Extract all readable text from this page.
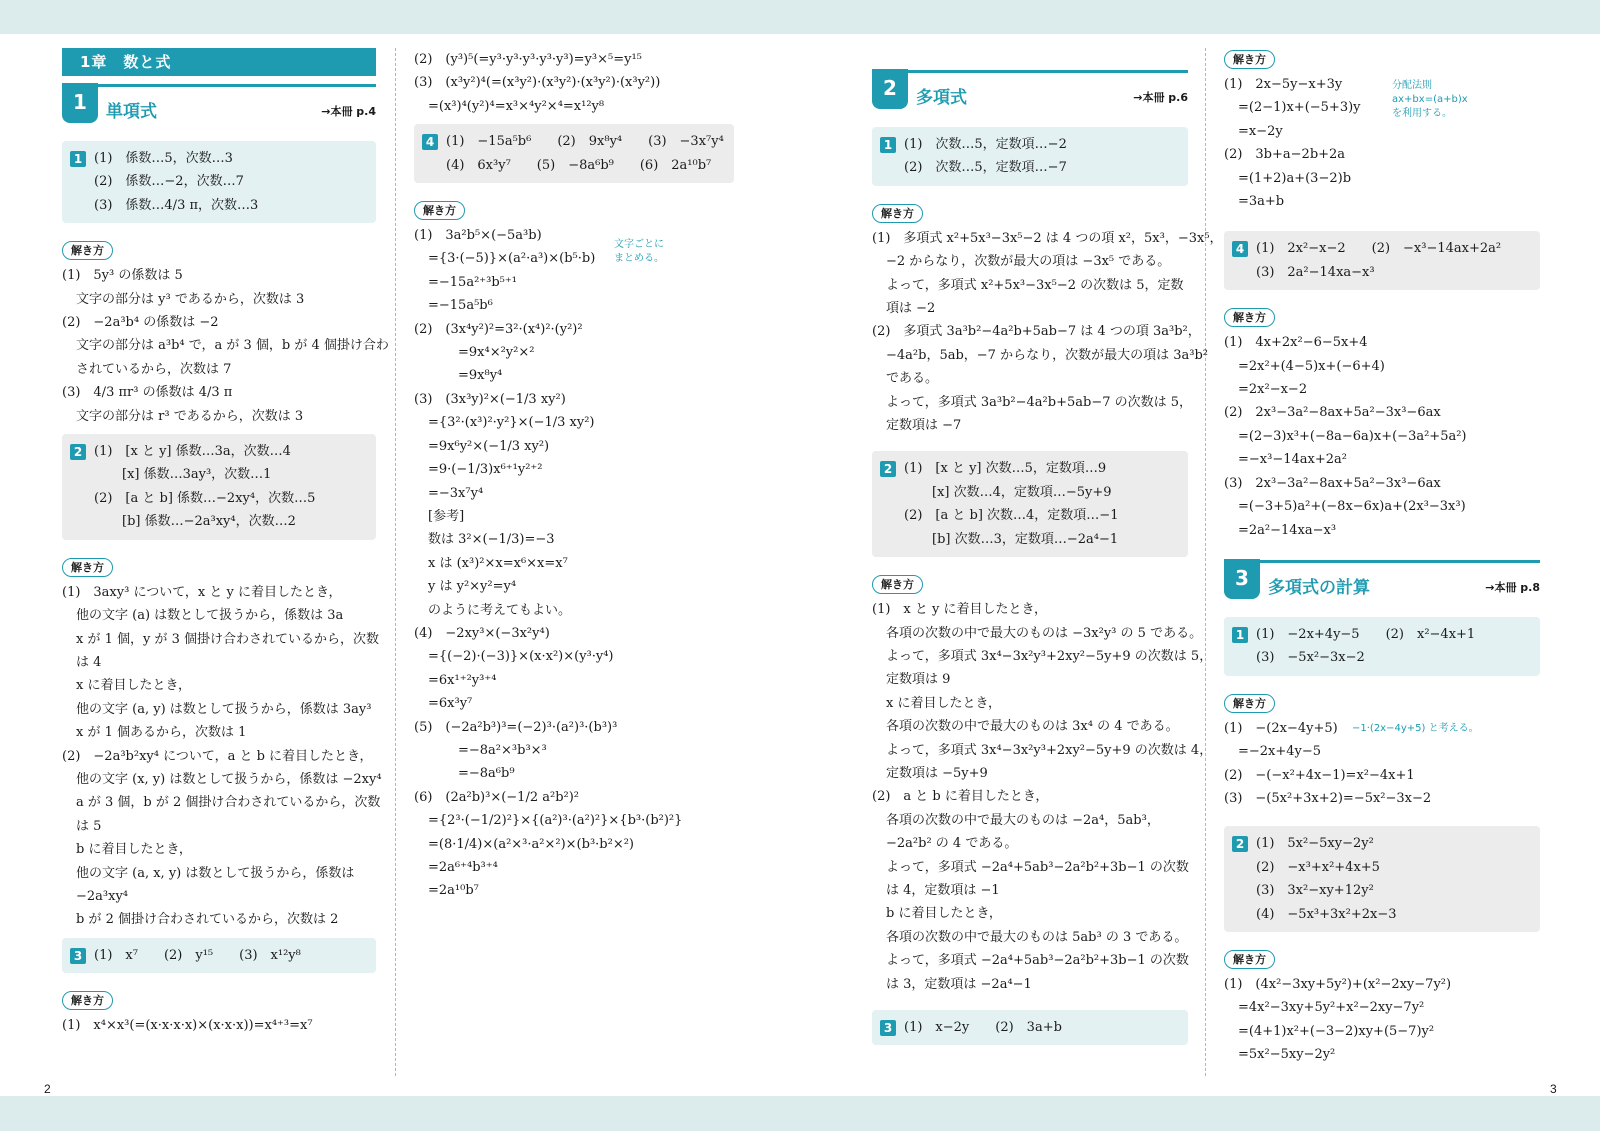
2	3
1章　数と式
1	単項式	→本冊 p.4
1 (1)　係数…5，次数…3
(2)　係数…−2，次数…7
(3)　係数…4/3 π，次数…3
解き方
(1)　5y³ の係数は 5
文字の部分は y³ であるから，次数は 3
(2)　−2a³b⁴ の係数は −2
文字の部分は a³b⁴ で，a が 3 個，b が 4 個掛け合わ
されているから，次数は 7
(3)　4/3 πr³ の係数は 4/3 π
文字の部分は r³ であるから，次数は 3
2 (1)　[x と y] 係数…3a，次数…4
[x] 係数…3ay³，次数…1
(2)　[a と b] 係数…−2xy⁴，次数…5
[b] 係数…−2a³xy⁴，次数…2
解き方
(1)　3axy³ について，x と y に着目したとき，
他の文字 (a) は数として扱うから，係数は 3a
x が 1 個，y が 3 個掛け合わされているから，次数
は 4
x に着目したとき，
他の文字 (a, y) は数として扱うから，係数は 3ay³
x が 1 個あるから，次数は 1
(2)　−2a³b²xy⁴ について，a と b に着目したとき，
他の文字 (x, y) は数として扱うから，係数は −2xy⁴
a が 3 個，b が 2 個掛け合わされているから，次数
は 5
b に着目したとき，
他の文字 (a, x, y) は数として扱うから，係数は
−2a³xy⁴
b が 2 個掛け合わされているから，次数は 2
3 (1)　x⁷　　(2)　y¹⁵　　(3)　x¹²y⁸
解き方
(1)　x⁴×x³(=(x·x·x·x)×(x·x·x))=x⁴⁺³=x⁷
(2)　(y³)⁵(=y³·y³·y³·y³·y³)=y³×⁵=y¹⁵
(3)　(x³y²)⁴(=(x³y²)·(x³y²)·(x³y²)·(x³y²))
=(x³)⁴(y²)⁴=x³×⁴y²×⁴=x¹²y⁸
4 (1)　−15a⁵b⁶　　(2)　9x⁸y⁴　　(3)　−3x⁷y⁴
(4)　6x³y⁷　　(5)　−8a⁶b⁹　　(6)　2a¹⁰b⁷
解き方
(1)　3a²b⁵×(−5a³b)
={3·(−5)}×(a²·a³)×(b⁵·b)
=−15a²⁺³b⁵⁺¹
=−15a⁵b⁶
(2)　(3x⁴y²)²=3²·(x⁴)²·(y²)²
=9x⁴×²y²×²
=9x⁸y⁴
(3)　(3x³y)²×(−1/3 xy²)
={3²·(x³)²·y²}×(−1/3 xy²)
=9x⁶y²×(−1/3 xy²)
=9·(−1/3)x⁶⁺¹y²⁺²
=−3x⁷y⁴
[参考]
数は 3²×(−1/3)=−3
x は (x³)²×x=x⁶×x=x⁷
y は y²×y²=y⁴
のように考えてもよい。
(4)　−2xy³×(−3x²y⁴)
={(−2)·(−3)}×(x·x²)×(y³·y⁴)
=6x¹⁺²y³⁺⁴
=6x³y⁷
(5)　(−2a²b³)³=(−2)³·(a²)³·(b³)³
=−8a²×³b³×³
=−8a⁶b⁹
(6)　(2a²b)³×(−1/2 a²b²)²
={2³·(−1/2)²}×{(a²)³·(a²)²}×{b³·(b²)²}
=(8·1/4)×(a²×³·a²×²)×(b³·b²×²)
=2a⁶⁺⁴b³⁺⁴
=2a¹⁰b⁷
文字ごとに
まとめる。
2	多項式	→本冊 p.6
1 (1)　次数…5，定数項…−2
(2)　次数…5，定数項…−7
解き方
(1)　多項式 x²+5x³−3x⁵−2 は 4 つの項 x²，5x³，−3x⁵，
−2 からなり，次数が最大の項は −3x⁵ である。
よって，多項式 x²+5x³−3x⁵−2 の次数は 5，定数
項は −2
(2)　多項式 3a³b²−4a²b+5ab−7 は 4 つの項 3a³b²，
−4a²b，5ab，−7 からなり，次数が最大の項は 3a³b²
である。
よって，多項式 3a³b²−4a²b+5ab−7 の次数は 5，
定数項は −7
2 (1)　[x と y] 次数…5，定数項…9
[x] 次数…4，定数項…−5y+9
(2)　[a と b] 次数…4，定数項…−1
[b] 次数…3，定数項…−2a⁴−1
解き方
(1)　x と y に着目したとき，
各項の次数の中で最大のものは −3x²y³ の 5 である。
よって，多項式 3x⁴−3x²y³+2xy²−5y+9 の次数は 5，
定数項は 9
x に着目したとき，
各項の次数の中で最大のものは 3x⁴ の 4 である。
よって，多項式 3x⁴−3x²y³+2xy²−5y+9 の次数は 4，
定数項は −5y+9
(2)　a と b に着目したとき，
各項の次数の中で最大のものは −2a⁴，5ab³，
−2a²b² の 4 である。
よって，多項式 −2a⁴+5ab³−2a²b²+3b−1 の次数
は 4，定数項は −1
b に着目したとき，
各項の次数の中で最大のものは 5ab³ の 3 である。
よって，多項式 −2a⁴+5ab³−2a²b²+3b−1 の次数
は 3，定数項は −2a⁴−1
3 (1)　x−2y　　(2)　3a+b
解き方
(1)　2x−5y−x+3y
=(2−1)x+(−5+3)y
=x−2y
(2)　3b+a−2b+2a
=(1+2)a+(3−2)b
=3a+b
分配法則
ax+bx=(a+b)x
を利用する。
4 (1)　2x²−x−2　　(2)　−x³−14ax+2a²
(3)　2a²−14xa−x³
解き方
(1)　4x+2x²−6−5x+4
=2x²+(4−5)x+(−6+4)
=2x²−x−2
(2)　2x³−3a²−8ax+5a²−3x³−6ax
=(2−3)x³+(−8a−6a)x+(−3a²+5a²)
=−x³−14ax+2a²
(3)　2x³−3a²−8ax+5a²−3x³−6ax
=(−3+5)a²+(−8x−6x)a+(2x³−3x³)
=2a²−14xa−x³
3	多項式の計算	→本冊 p.8
1 (1)　−2x+4y−5　　(2)　x²−4x+1
(3)　−5x²−3x−2
解き方
(1)　−(2x−4y+5)
=−2x+4y−5
(2)　−(−x²+4x−1)=x²−4x+1
(3)　−(5x²+3x+2)=−5x²−3x−2
−1·(2x−4y+5) と考える。
2 (1)　5x²−5xy−2y²
(2)　−x³+x²+4x+5
(3)　3x²−xy+12y²
(4)　−5x³+3x²+2x−3
解き方
(1)　(4x²−3xy+5y²)+(x²−2xy−7y²)
=4x²−3xy+5y²+x²−2xy−7y²
=(4+1)x²+(−3−2)xy+(5−7)y²
=5x²−5xy−2y²
